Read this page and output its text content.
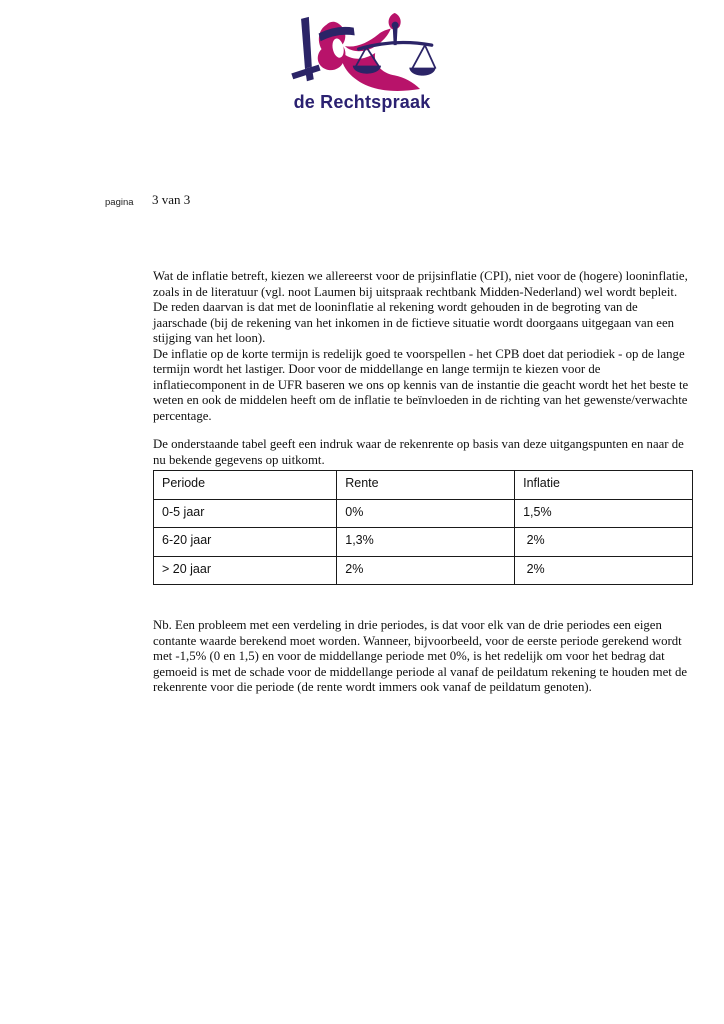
de Rechtspraak
pagina 3 van 3

Wat de inflatie betreft, kiezen we allereerst voor de prijsinflatie (CPI), niet voor de (hogere) looninflatie, zoals in de literatuur (vgl. noot Laumen bij uitspraak rechtbank Midden-Nederland) wel wordt bepleit. De reden daarvan is dat met de looninflatie al rekening wordt gehouden in de begroting van de jaarschade (bij de rekening van het inkomen in de fictieve situatie wordt doorgaans uitgegaan van een stijging van het loon).

De inflatie op de korte termijn is redelijk goed te voorspellen - het CPB doet dat periodiek - op de lange termijn wordt het lastiger. Door voor de middellange en lange termijn te kiezen voor de inflatiecomponent in de UFR baseren we ons op kennis van de instantie die geacht wordt het het beste te weten en ook de middelen heeft om de inflatie te beïnvloeden in de richting van het gewenste/verwachte percentage.

De onderstaande tabel geeft een indruk waar de rekenrente op basis van deze uitgangspunten en naar de nu bekende gegevens op uitkomt.

Periode	Rente	Inflatie
0-5 jaar	0%	1,5%
6-20 jaar	1,3%	2%
> 20 jaar	2%	2%

Nb. Een probleem met een verdeling in drie periodes, is dat voor elk van de drie periodes een eigen contante waarde berekend moet worden. Wanneer, bijvoorbeeld, voor de eerste periode gerekend wordt met -1,5% (0 en 1,5) en voor de middellange periode met 0%, is het redelijk om voor het bedrag dat gemoeid is met de schade voor de middellange periode al vanaf de peildatum rekening te houden met de rekenrente voor die periode (de rente wordt immers ook vanaf de peildatum genoten).
